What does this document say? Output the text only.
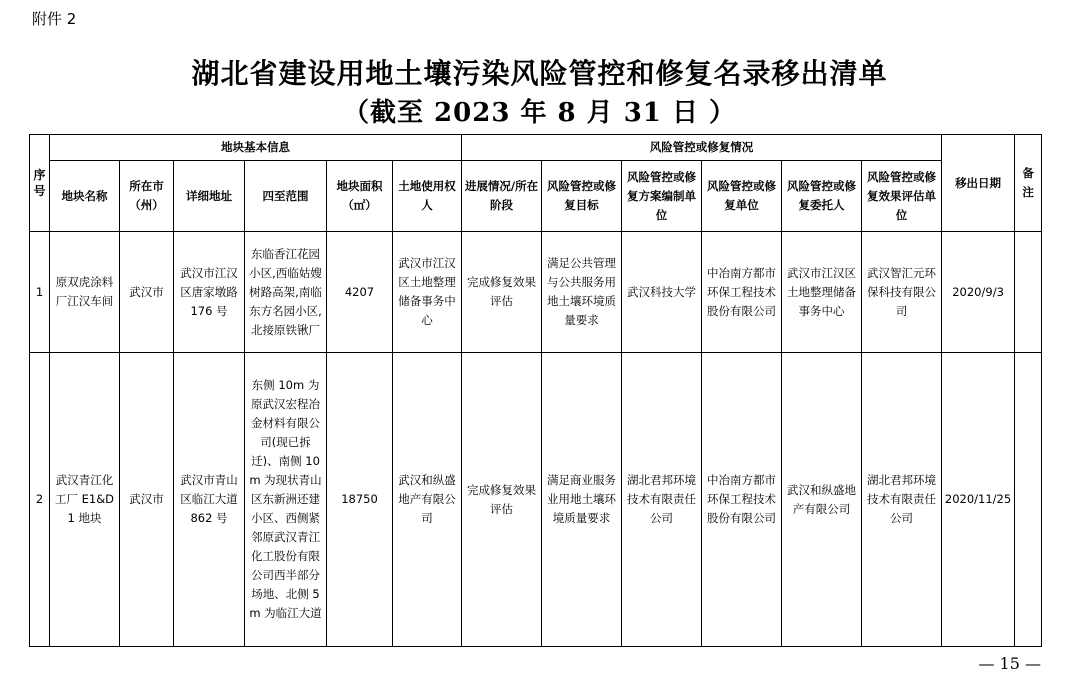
附件 2
湖北省建设用地土壤污染风险管控和修复名录移出清单
（截至 2023 年 8 月 31 日 ）
序号	地块基本信息						风险管控或修复情况						移出日期	备注
	地块名称	所在市（州）	详细地址	四至范围	地块面积（㎡）	土地使用权人	进展情况/所在阶段	风险管控或修复目标	风险管控或修复方案编制单位	风险管控或修复单位	风险管控或修复委托人	风险管控或修复效果评估单位		
1	原双虎涂料厂江汉车间	武汉市	武汉市江汉区唐家墩路 176 号	东临香江花园小区,西临姑嫂树路高架,南临东方名园小区,北接原铁锹厂	4207	武汉市江汉区土地整理储备事务中心	完成修复效果评估	满足公共管理与公共服务用地土壤环境质量要求	武汉科技大学	中冶南方都市环保工程技术股份有限公司	武汉市江汉区土地整理储备事务中心	武汉智汇元环保科技有限公司	2020/9/3	
2	武汉青江化工厂 E1&D1 地块	武汉市	武汉市青山区临江大道 862 号	东侧 10m 为原武汉宏程冶金材料有限公司(现已拆迁)、南侧 10m 为现状青山区东新洲还建小区、西侧紧邻原武汉青江化工股份有限公司西半部分场地、北侧 5m 为临江大道	18750	武汉和纵盛地产有限公司	完成修复效果评估	满足商业服务业用地土壤环境质量要求	湖北君邦环境技术有限责任公司	中冶南方都市环保工程技术股份有限公司	武汉和纵盛地产有限公司	湖北君邦环境技术有限责任公司	2020/11/25	
— 15 —
